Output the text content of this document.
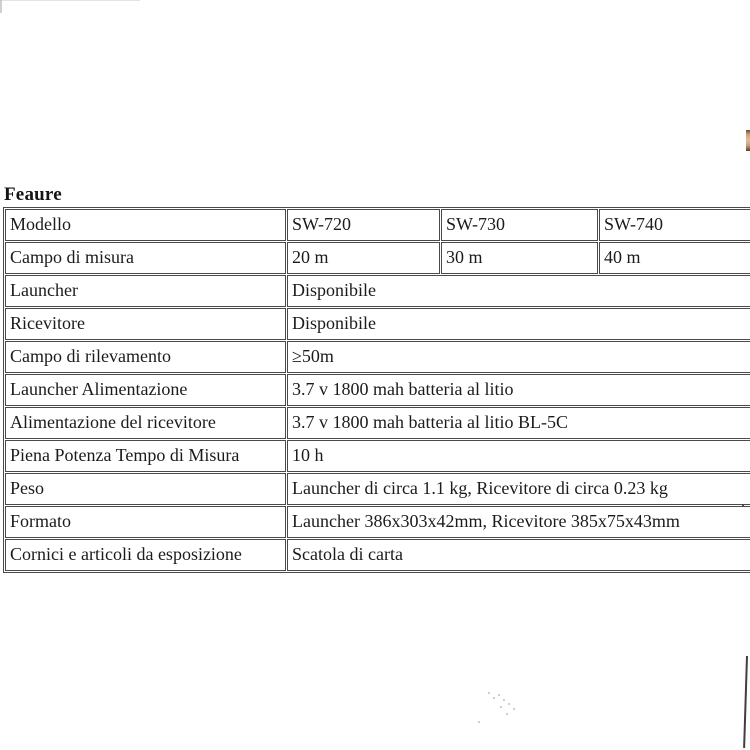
Feaure
Modello	SW-720	SW-730	SW-740
Campo di misura	20 m	30 m	40 m
Launcher	Disponibile		
Ricevitore	Disponibile		
Campo di rilevamento	≥50m		
Launcher Alimentazione	3.7 v 1800 mah batteria al litio		
Alimentazione del ricevitore	3.7 v 1800 mah batteria al litio BL-5C		
Piena Potenza Tempo di Misura	10 h		
Peso	Launcher di circa 1.1 kg, Ricevitore di circa 0.23 kg		
Formato	Launcher 386x303x42mm, Ricevitore 385x75x43mm		
Cornici e articoli da esposizione	Scatola di carta		
